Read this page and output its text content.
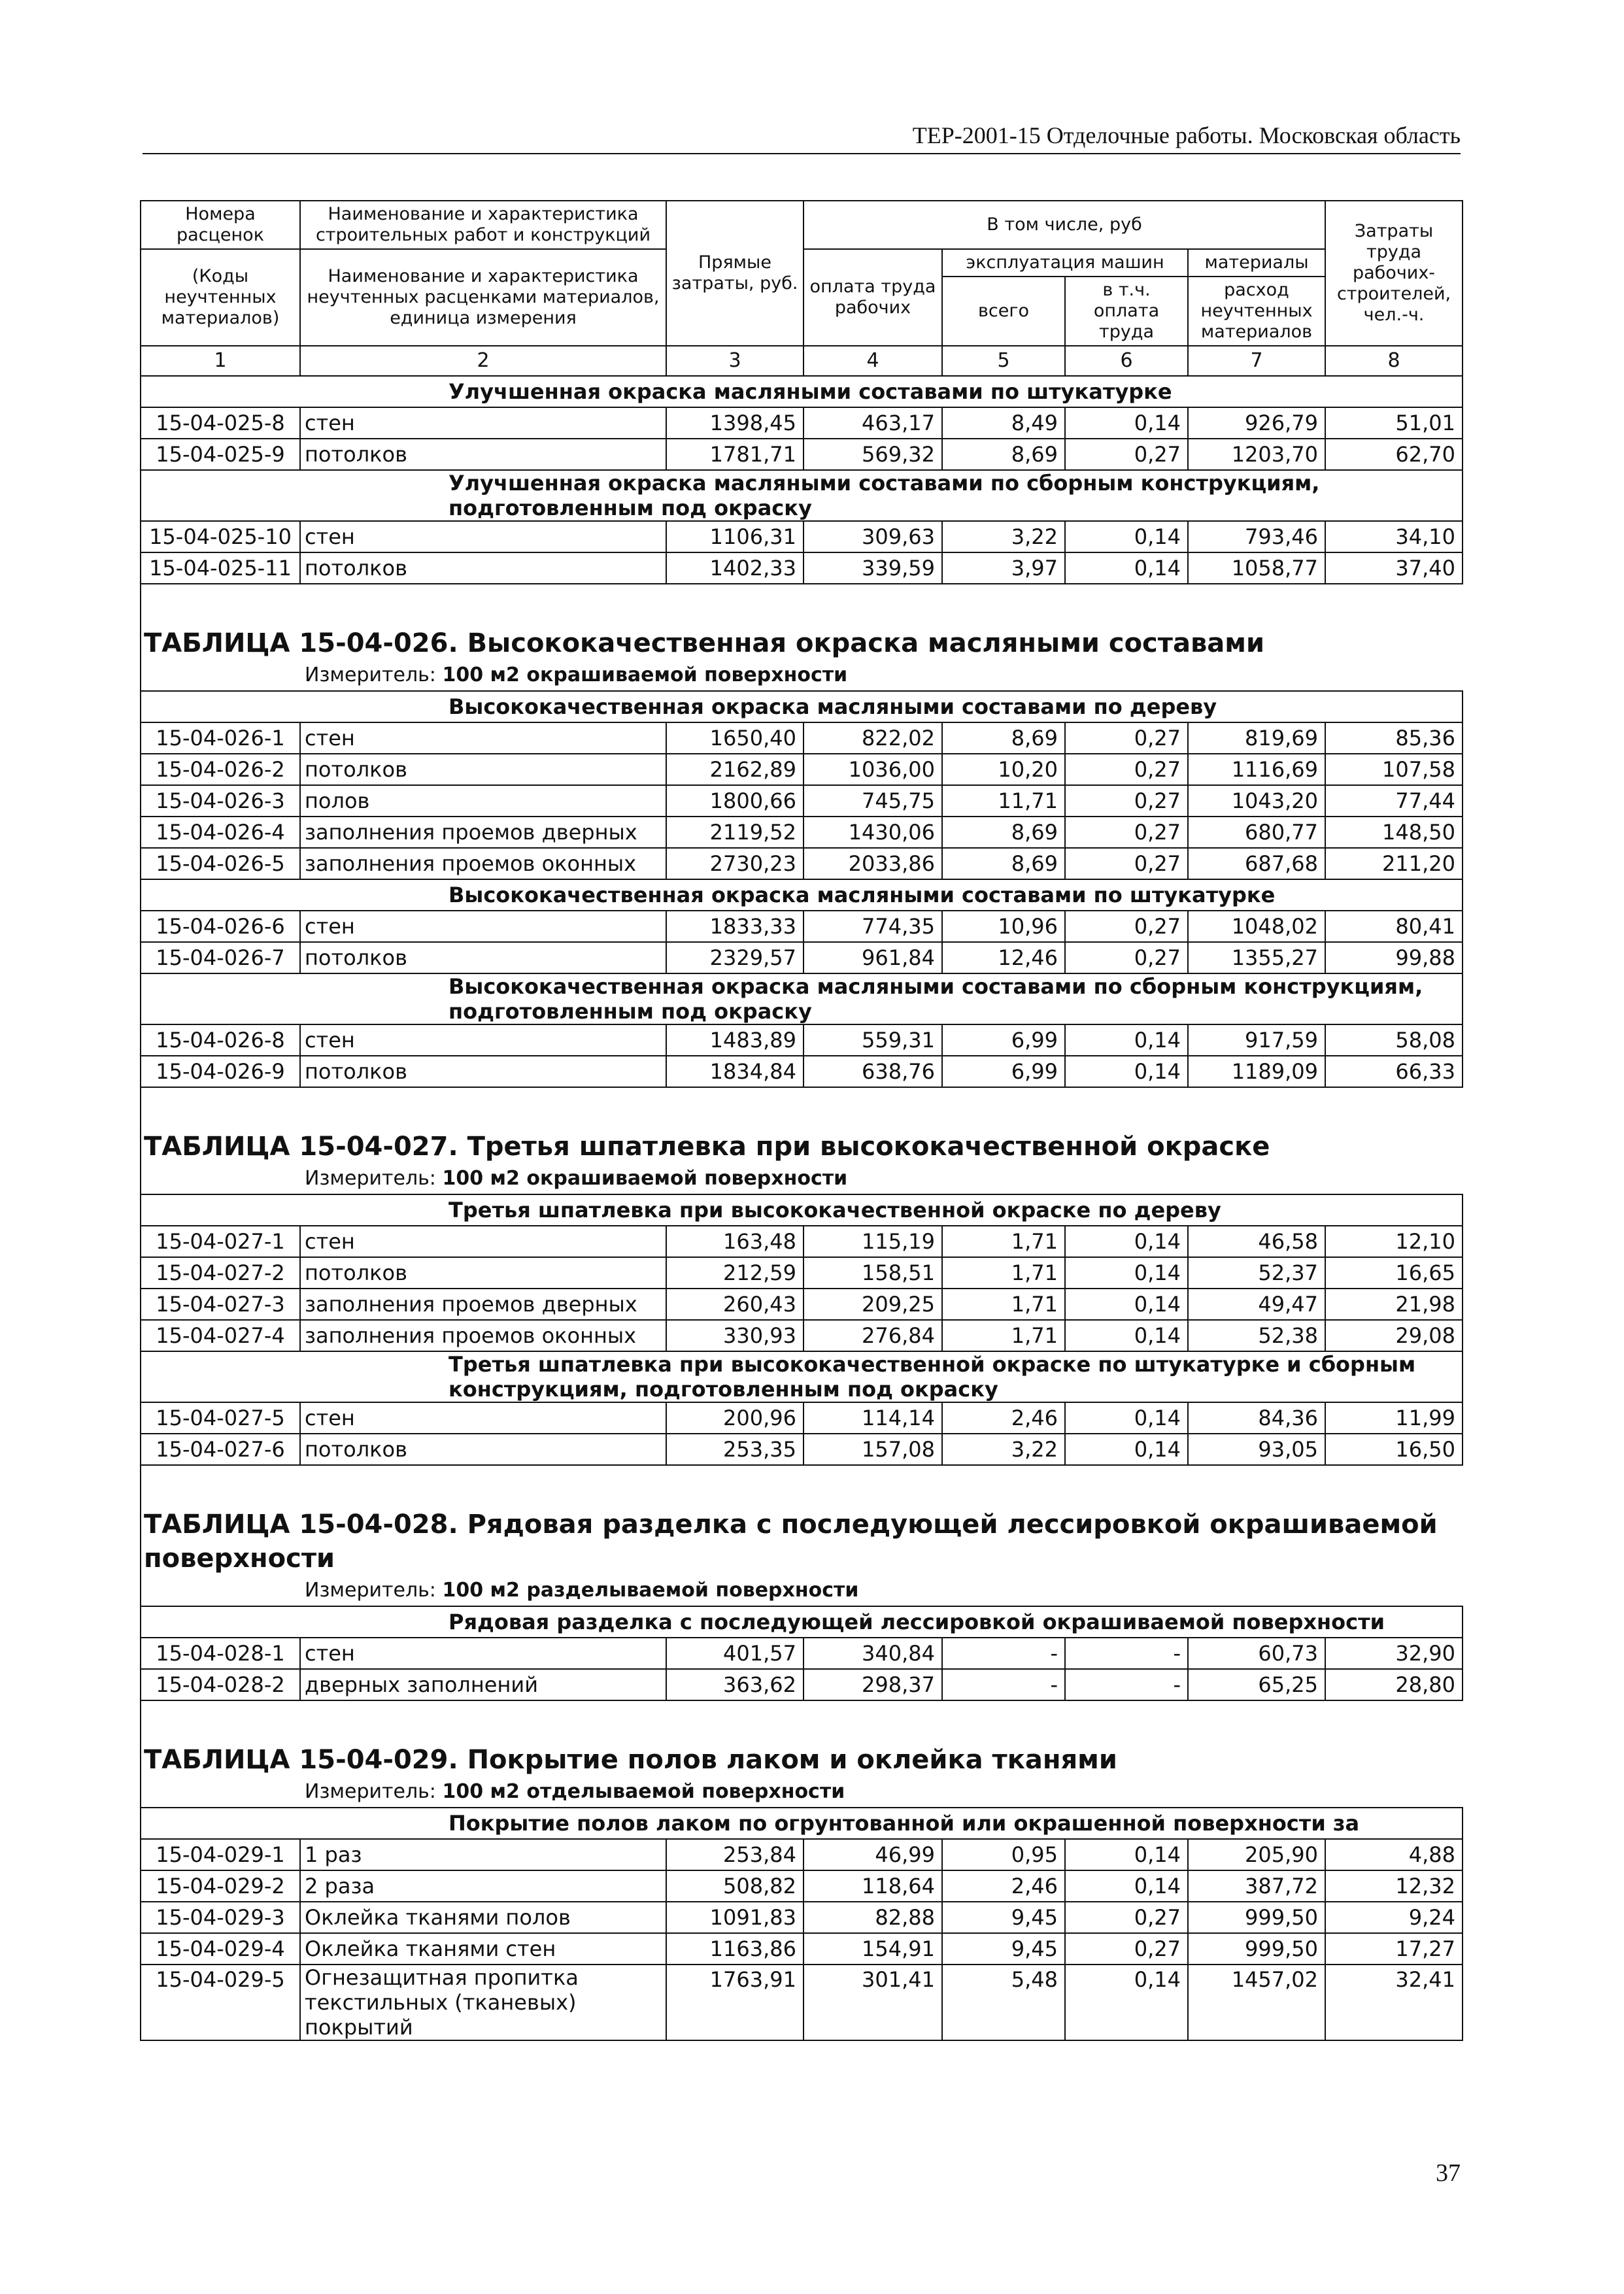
ТЕР-2001-15 Отделочные работы. Московская область
Номера расценок	Наименование и характеристика строительных работ и конструкций	Прямые затраты, руб.	В том числе, руб				Затраты труда рабочих-строителей, чел.-ч.
(Коды неучтенных материалов)	Наименование и характеристика неучтенных расценками материалов, единица измерения		оплата труда рабочих	эксплуатация машин		материалы	
				всего	в т.ч. оплата труда	расход неучтенных материалов	
1	2	3	4	5	6	7	8
Улучшенная окраска масляными составами по штукатурке							
15-04-025-8	стен	1398,45	463,17	8,49	0,14	926,79	51,01
15-04-025-9	потолков	1781,71	569,32	8,69	0,27	1203,70	62,70
Улучшенная окраска масляными составами по сборным конструкциям, подготовленным под окраску							
15-04-025-10	стен	1106,31	309,63	3,22	0,14	793,46	34,10
15-04-025-11	потолков	1402,33	339,59	3,97	0,14	1058,77	37,40

ТАБЛИЦА 15-04-026. Высококачественная окраска масляными составами							
Измеритель: 100 м2 окрашиваемой поверхности							
Высококачественная окраска масляными составами по дереву							
15-04-026-1	стен	1650,40	822,02	8,69	0,27	819,69	85,36
15-04-026-2	потолков	2162,89	1036,00	10,20	0,27	1116,69	107,58
15-04-026-3	полов	1800,66	745,75	11,71	0,27	1043,20	77,44
15-04-026-4	заполнения проемов дверных	2119,52	1430,06	8,69	0,27	680,77	148,50
15-04-026-5	заполнения проемов оконных	2730,23	2033,86	8,69	0,27	687,68	211,20
Высококачественная окраска масляными составами по штукатурке							
15-04-026-6	стен	1833,33	774,35	10,96	0,27	1048,02	80,41
15-04-026-7	потолков	2329,57	961,84	12,46	0,27	1355,27	99,88
Высококачественная окраска масляными составами по сборным конструкциям, подготовленным под окраску							
15-04-026-8	стен	1483,89	559,31	6,99	0,14	917,59	58,08
15-04-026-9	потолков	1834,84	638,76	6,99	0,14	1189,09	66,33

ТАБЛИЦА 15-04-027. Третья шпатлевка при высококачественной окраске							
Измеритель: 100 м2 окрашиваемой поверхности							
Третья шпатлевка при высококачественной окраске по дереву							
15-04-027-1	стен	163,48	115,19	1,71	0,14	46,58	12,10
15-04-027-2	потолков	212,59	158,51	1,71	0,14	52,37	16,65
15-04-027-3	заполнения проемов дверных	260,43	209,25	1,71	0,14	49,47	21,98
15-04-027-4	заполнения проемов оконных	330,93	276,84	1,71	0,14	52,38	29,08
Третья шпатлевка при высококачественной окраске по штукатурке и сборным конструкциям, подготовленным под окраску							
15-04-027-5	стен	200,96	114,14	2,46	0,14	84,36	11,99
15-04-027-6	потолков	253,35	157,08	3,22	0,14	93,05	16,50

ТАБЛИЦА 15-04-028. Рядовая разделка с последующей лессировкой окрашиваемой поверхности							
Измеритель: 100 м2 разделываемой поверхности							
Рядовая разделка с последующей лессировкой окрашиваемой поверхности							
15-04-028-1	стен	401,57	340,84	-	-	60,73	32,90
15-04-028-2	дверных заполнений	363,62	298,37	-	-	65,25	28,80

ТАБЛИЦА 15-04-029. Покрытие полов лаком и оклейка тканями							
Измеритель: 100 м2 отделываемой поверхности							
Покрытие полов лаком по огрунтованной или окрашенной поверхности за							
15-04-029-1	1 раз	253,84	46,99	0,95	0,14	205,90	4,88
15-04-029-2	2 раза	508,82	118,64	2,46	0,14	387,72	12,32
15-04-029-3	Оклейка тканями полов	1091,83	82,88	9,45	0,27	999,50	9,24
15-04-029-4	Оклейка тканями стен	1163,86	154,91	9,45	0,27	999,50	17,27
15-04-029-5	Огнезащитная пропитка текстильных (тканевых) покрытий	1763,91	301,41	5,48	0,14	1457,02	32,41
37
